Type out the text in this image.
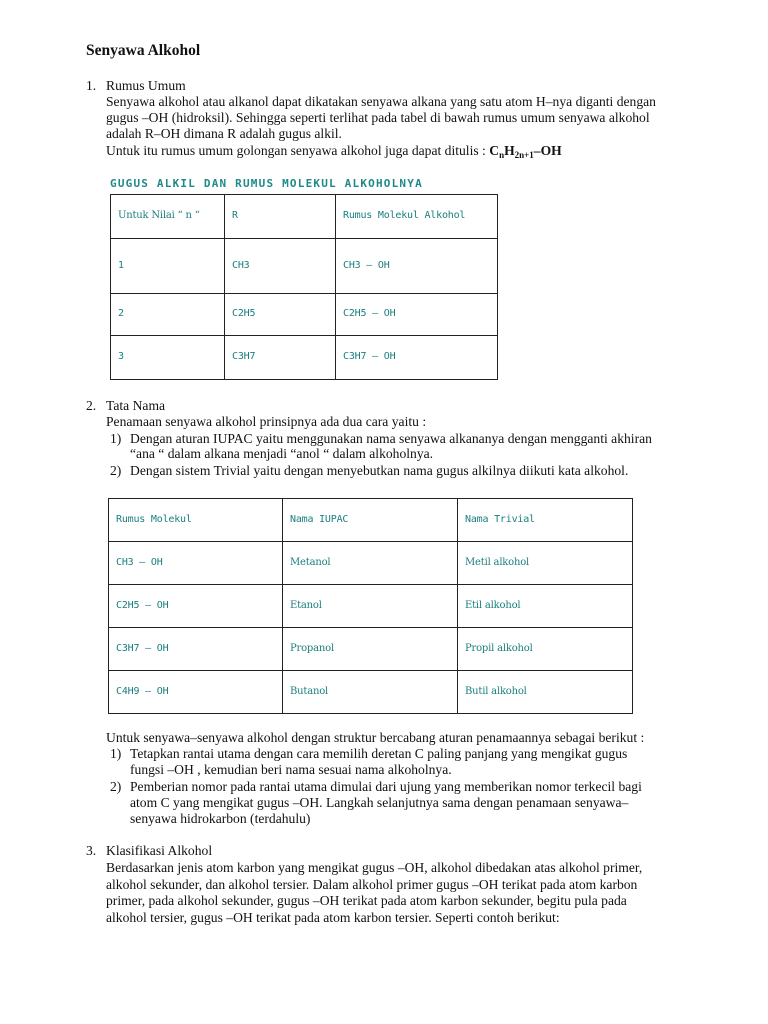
Senyawa Alkohol
1. Rumus Umum
Senyawa alkohol atau alkanol dapat dikatakan senyawa alkana yang satu atom H–nya diganti dengan
gugus –OH (hidroksil). Sehingga seperti terlihat pada tabel di bawah rumus umum senyawa alkohol
adalah R–OH dimana R adalah gugus alkil.
Untuk itu rumus umum golongan senyawa alkohol juga dapat ditulis : $C_nH_{2n+1}-OH$
GUGUS ALKIL DAN RUMUS MOLEKUL ALKOHOLNYA
Untuk Nilai “ n “	R	Rumus Molekul Alkohol
1	CH3	CH3 – OH
2	C2H5	C2H5 – OH
3	C3H7	C3H7 – OH
2. Tata Nama
Penamaan senyawa alkohol prinsipnya ada dua cara yaitu :
1) Dengan aturan IUPAC yaitu menggunakan nama senyawa alkananya dengan mengganti akhiran
“ana “ dalam alkana menjadi “anol “ dalam alkoholnya.
2) Dengan sistem Trivial yaitu dengan menyebutkan nama gugus alkilnya diikuti kata alkohol.
Rumus Molekul	Nama IUPAC	Nama Trivial
CH3 – OH	Metanol	Metil alkohol
C2H5 – OH	Etanol	Etil alkohol
C3H7 – OH	Propanol	Propil alkohol
C4H9 – OH	Butanol	Butil alkohol
Untuk senyawa–senyawa alkohol dengan struktur bercabang aturan penamaannya sebagai berikut :
1) Tetapkan rantai utama dengan cara memilih deretan C paling panjang yang mengikat gugus
fungsi –OH , kemudian beri nama sesuai nama alkoholnya.
2) Pemberian nomor pada rantai utama dimulai dari ujung yang memberikan nomor terkecil bagi
atom C yang mengikat gugus –OH. Langkah selanjutnya sama dengan penamaan senyawa–
senyawa hidrokarbon (terdahulu)
3. Klasifikasi Alkohol
Berdasarkan jenis atom karbon yang mengikat gugus –OH, alkohol dibedakan atas alkohol primer,
alkohol sekunder, dan alkohol tersier. Dalam alkohol primer gugus –OH terikat pada atom karbon
primer, pada alkohol sekunder, gugus –OH terikat pada atom karbon sekunder, begitu pula pada
alkohol tersier, gugus –OH terikat pada atom karbon tersier. Seperti contoh berikut:
